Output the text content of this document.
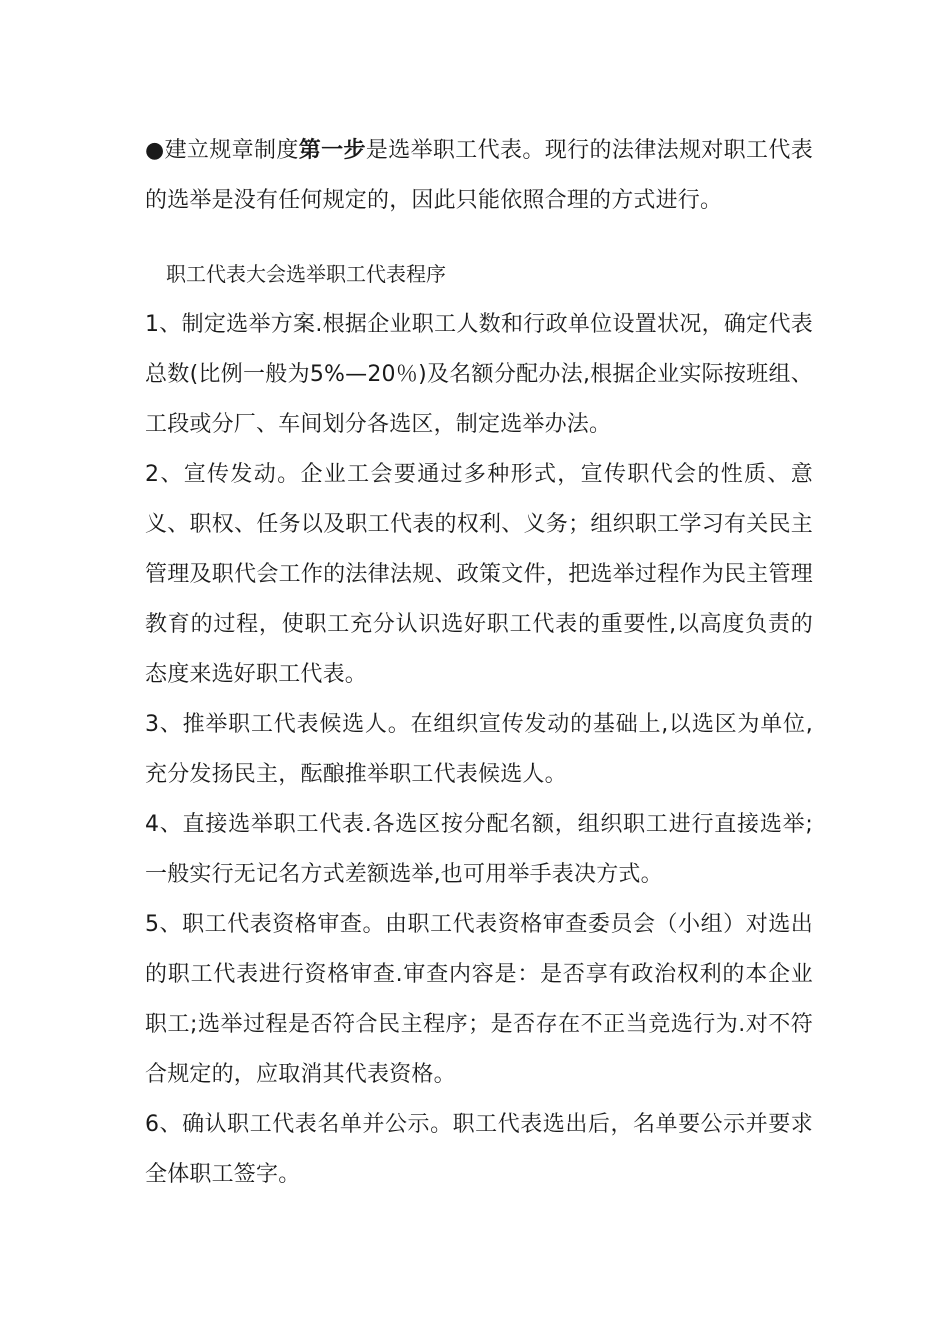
●建立规章制度第一步是选举职工代表。现行的法律法规对职工代表的选举是没有任何规定的，因此只能依照合理的方式进行。

职工代表大会选举职工代表程序

1、制定选举方案.根据企业职工人数和行政单位设置状况，确定代表总数(比例一般为5%—20％)及名额分配办法,根据企业实际按班组、工段或分厂、车间划分各选区，制定选举办法。

2、宣传发动。企业工会要通过多种形式，宣传职代会的性质、意义、职权、任务以及职工代表的权利、义务；组织职工学习有关民主管理及职代会工作的法律法规、政策文件，把选举过程作为民主管理教育的过程，使职工充分认识选好职工代表的重要性,以高度负责的态度来选好职工代表。

3、推举职工代表候选人。在组织宣传发动的基础上,以选区为单位,充分发扬民主，酝酿推举职工代表候选人。

4、直接选举职工代表.各选区按分配名额，组织职工进行直接选举;一般实行无记名方式差额选举,也可用举手表决方式。

5、职工代表资格审查。由职工代表资格审查委员会（小组）对选出的职工代表进行资格审查.审查内容是：是否享有政治权利的本企业职工;选举过程是否符合民主程序；是否存在不正当竞选行为.对不符合规定的，应取消其代表资格。

6、确认职工代表名单并公示。职工代表选出后，名单要公示并要求全体职工签字。
